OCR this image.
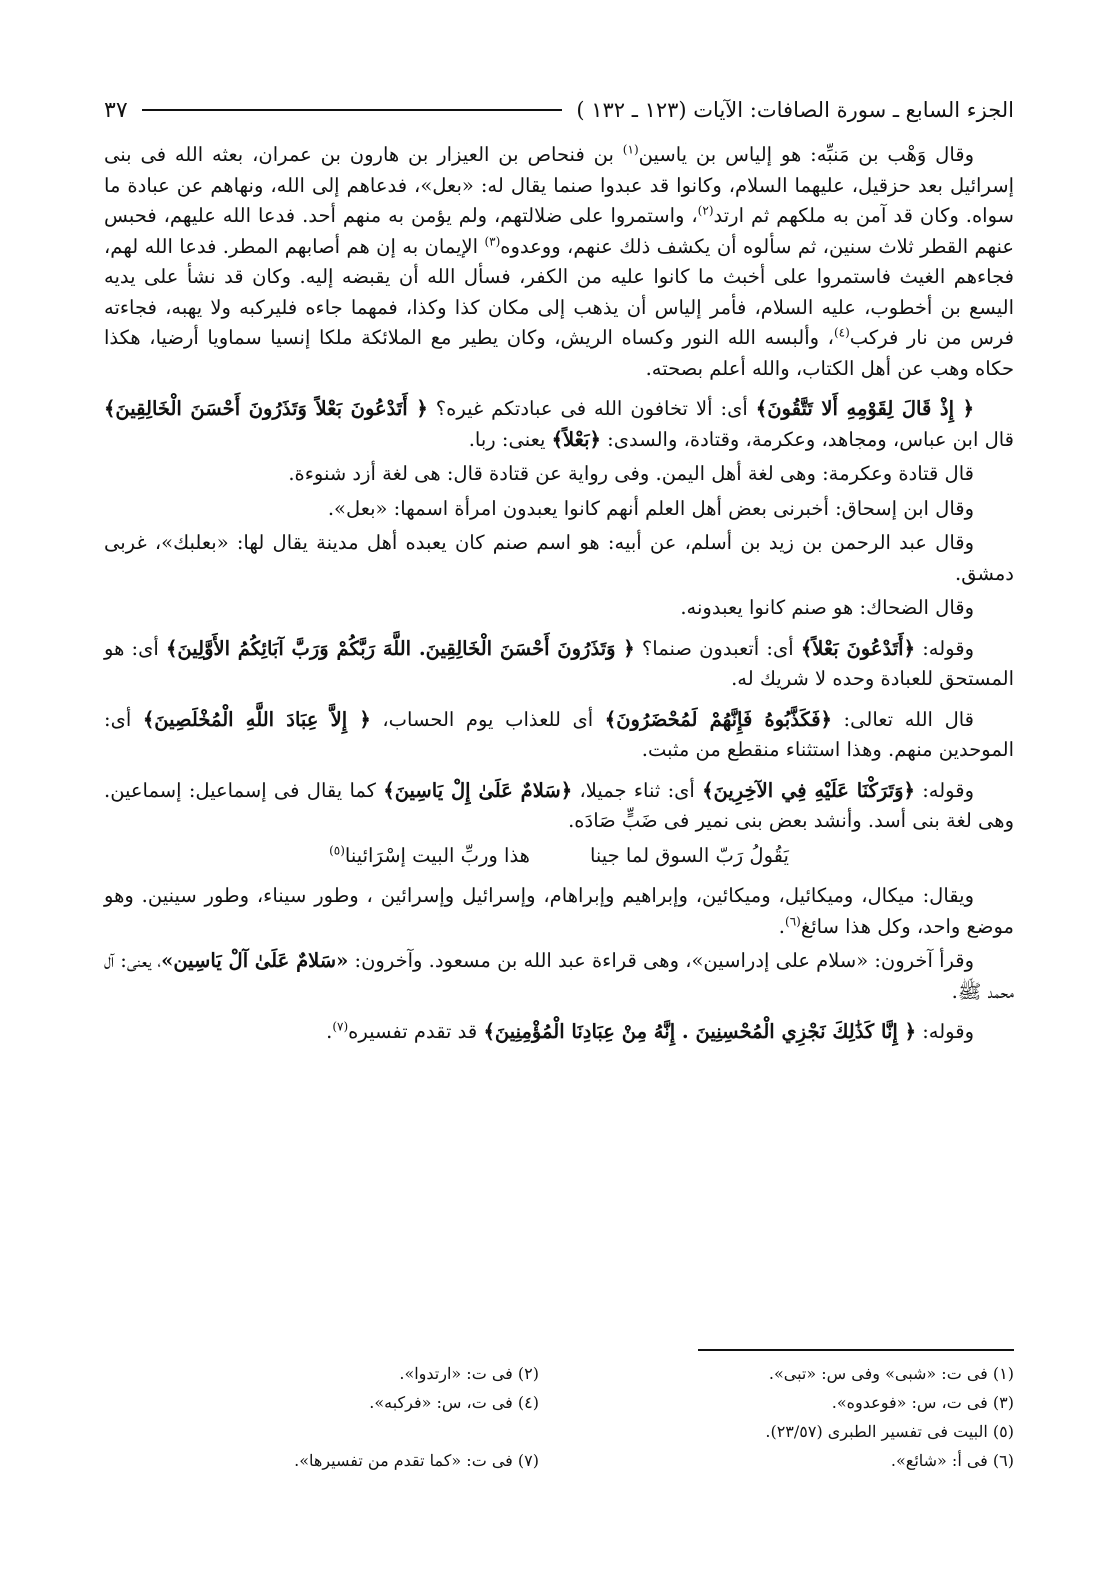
الجزء السابع ـ سورة الصافات: الآيات (١٢٣ ـ ١٣٢ )
٣٧

وقال وَهْب بن مَنبِّه: هو إلياس بن ياسين$^{(١)}$ بن فنحاص بن العيزار بن هارون بن عمران، بعثه الله فى بنى إسرائيل بعد حزقيل، عليهما السلام، وكانوا قد عبدوا صنما يقال له: «بعل»، فدعاهم إلى الله، ونهاهم عن عبادة ما سواه. وكان قد آمن به ملكهم ثم ارتد$^{(٢)}$، واستمروا على ضلالتهم، ولم يؤمن به منهم أحد. فدعا الله عليهم، فحبس عنهم القطر ثلاث سنين، ثم سألوه أن يكشف ذلك عنهم، ووعدوه$^{(٣)}$ الإيمان به إن هم أصابهم المطر. فدعا الله لهم، فجاءهم الغيث فاستمروا على أخبث ما كانوا عليه من الكفر، فسأل الله أن يقبضه إليه. وكان قد نشأ على يديه اليسع بن أخطوب، عليه السلام، فأمر إلياس أن يذهب إلى مكان كذا وكذا، فمهما جاءه فليركبه ولا يهبه، فجاءته فرس من نار فركب$^{(٤)}$، وألبسه الله النور وكساه الريش، وكان يطير مع الملائكة ملكا إنسيا سماويا أرضيا، هكذا حكاه وهب عن أهل الكتاب، والله أعلم بصحته.

﴿ إِذْ قَالَ لِقَوْمِهِ أَلا تَتَّقُونَ﴾ أى: ألا تخافون الله فى عبادتكم غيره؟ ﴿ أَتَدْعُونَ بَعْلاً وَتَذَرُونَ أَحْسَنَ الْخَالِقِينَ﴾ قال ابن عباس، ومجاهد، وعكرمة، وقتادة، والسدى: ﴿بَعْلاً﴾ يعنى: ربا.

قال قتادة وعكرمة: وهى لغة أهل اليمن. وفى رواية عن قتادة قال: هى لغة أزد شنوءة.

وقال ابن إسحاق: أخبرنى بعض أهل العلم أنهم كانوا يعبدون امرأة اسمها: «بعل».

وقال عبد الرحمن بن زيد بن أسلم، عن أبيه: هو اسم صنم كان يعبده أهل مدينة يقال لها: «بعلبك»، غربى دمشق.

وقال الضحاك: هو صنم كانوا يعبدونه.

وقوله: ﴿أَتَدْعُونَ بَعْلاً﴾ أى: أتعبدون صنما؟ ﴿ وَتَذَرُونَ أَحْسَنَ الْخَالِقِينَ. اللَّهَ رَبَّكُمْ وَرَبَّ آبَائِكُمُ الأَوَّلِينَ﴾ أى: هو المستحق للعبادة وحده لا شريك له.

قال الله تعالى: ﴿فَكَذَّبُوهُ فَإِنَّهُمْ لَمُحْضَرُونَ﴾ أى للعذاب يوم الحساب، ﴿ إِلاَّ عِبَادَ اللَّهِ الْمُخْلَصِينَ﴾ أى: الموحدين منهم. وهذا استثناء منقطع من مثبت.

وقوله: ﴿وَتَرَكْنَا عَلَيْهِ فِي الآخِرِينَ﴾ أى: ثناء جميلا، ﴿سَلامٌ عَلَىٰ إِلْ يَاسِينَ﴾ كما يقال فى إسماعيل: إسماعين. وهى لغة بنى أسد. وأنشد بعض بنى نمير فى ضَبٍّ صَادَه.

يَقُولُ رَبّ السوق لما جينا
هذا وربِّ البيت إسْرَائينا$^{(٥)}$

ويقال: ميكال، وميكائيل، وميكائين، وإبراهيم وإبراهام، وإسرائيل وإسرائين ، وطور سيناء، وطور سينين. وهو موضع واحد، وكل هذا سائغ$^{(٦)}$.

وقرأ آخرون: «سلام على إدراسين»، وهى قراءة عبد الله بن مسعود. وآخرون: «سَلامٌ عَلَىٰ آلْ يَاسِين»، يعنى: آل محمد ﷺ.

وقوله: ﴿ إِنَّا كَذَٰلِكَ نَجْزِي الْمُحْسِنِينَ . إِنَّهُ مِنْ عِبَادِنَا الْمُؤْمِنِينَ﴾ قد تقدم تفسيره$^{(٧)}$.

(١) فى ت: «شبى» وفى س: «تبى».
(٢) فى ت: «ارتدوا».
(٣) فى ت، س: «فوعدوه».
(٤) فى ت، س: «فركبه».
(٥) البيت فى تفسير الطبرى (٢٣/٥٧).
(٦) فى أ: «شائع».
(٧) فى ت: «كما تقدم من تفسيرها».
